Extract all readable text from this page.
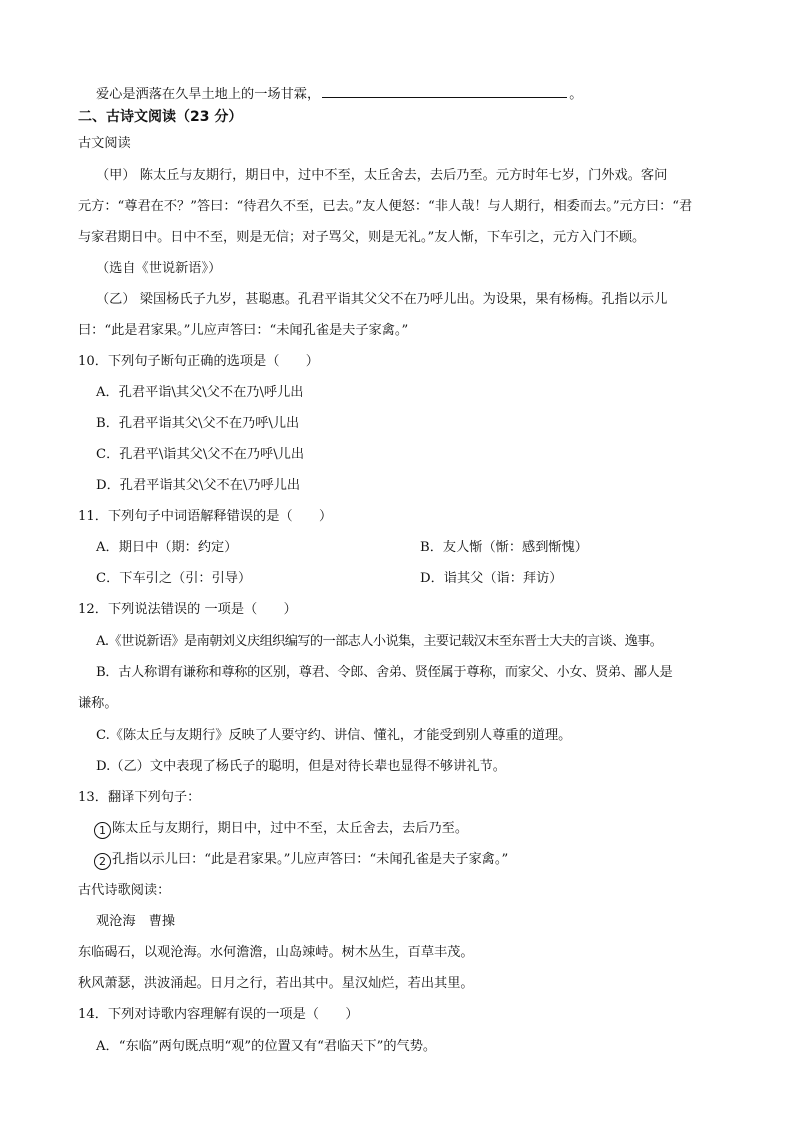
爱心是洒落在久旱土地上的一场甘霖，	。
二、古诗文阅读（23 分）
古文阅读
（甲） 陈太丘与友期行，期日中，过中不至，太丘舍去，去后乃至。元方时年七岁，门外戏。客问
元方：“尊君在不？”答曰：“待君久不至，已去。”友人便怒：“非人哉！与人期行，相委而去。”元方曰：“君
与家君期日中。日中不至，则是无信；对子骂父，则是无礼。”友人惭，下车引之，元方入门不顾。
（选自《世说新语》）
（乙） 梁国杨氏子九岁，甚聪惠。孔君平诣其父父不在乃呼儿出。为设果，果有杨梅。孔指以示儿
曰：“此是君家果。”儿应声答曰：“未闻孔雀是夫子家禽。”
10．下列句子断句正确的选项是（　　）
A．孔君平诣\其父\父不在乃\呼儿出
B．孔君平诣其父\父不在乃呼\儿出
C．孔君平\诣其父\父不在乃呼\儿出
D．孔君平诣其父\父不在\乃呼儿出
11．下列句子中词语解释错误的是（　　）
A．期日中（期：约定）	B．友人惭（惭：感到惭愧）
C．下车引之（引：引导）	D．诣其父（诣：拜访）
12．下列说法错误的 一项是（　　）
A.《世说新语》是南朝刘义庆组织编写的一部志人小说集，主要记载汉末至东晋士大夫的言谈、逸事。
B．古人称谓有谦称和尊称的区别，尊君、令郎、舍弟、贤侄属于尊称，而家父、小女、贤弟、鄙人是
谦称。
C.《陈太丘与友期行》反映了人要守约、讲信、懂礼，才能受到别人尊重的道理。
D.（乙）文中表现了杨氏子的聪明，但是对待长辈也显得不够讲礼节。
13．翻译下列句子：
1 陈太丘与友期行，期日中，过中不至，太丘舍去，去后乃至。
2 孔指以示儿曰：“此是君家果。”儿应声答曰：“未闻孔雀是夫子家禽。”
古代诗歌阅读：
观沧海　曹操
东临碣石，以观沧海。水何澹澹，山岛竦峙。树木丛生，百草丰茂。
秋风萧瑟，洪波涌起。日月之行，若出其中。星汉灿烂，若出其里。
14．下列对诗歌内容理解有误的一项是（　　）
A．“东临”两句既点明“观”的位置又有“君临天下”的气势。
